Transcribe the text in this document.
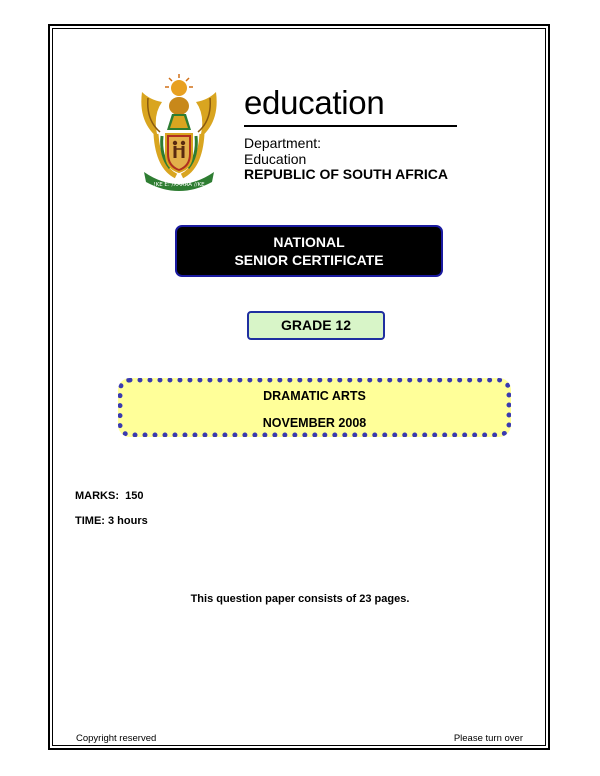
!KE E: /XARRA //KE
education
Department:
Education
REPUBLIC OF SOUTH AFRICA
NATIONAL
SENIOR CERTIFICATE
GRADE 12
DRAMATIC ARTS
NOVEMBER 2008
MARKS:  150
TIME: 3 hours
This question paper consists of 23 pages.
Copyright reserved	Please turn over
